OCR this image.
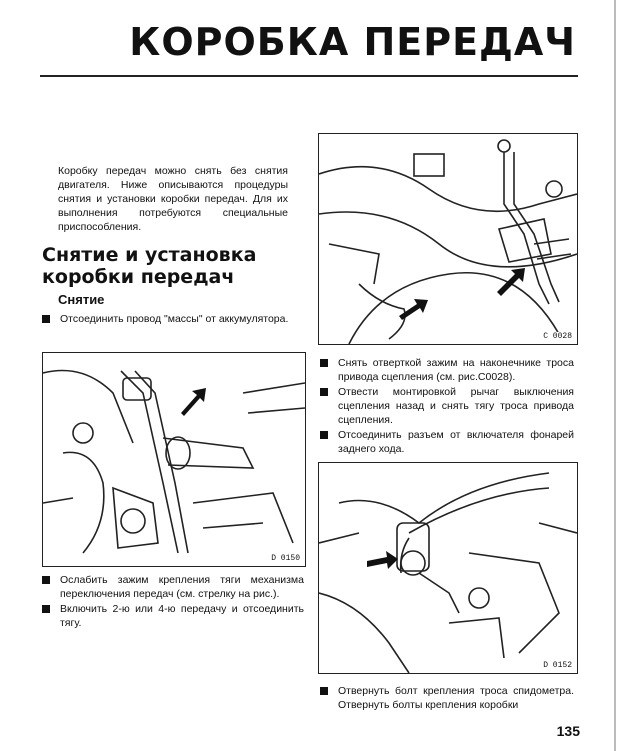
КОРОБКА ПЕРЕДАЧ
Коробку передач можно снять без снятия двигателя. Ниже описываются процедуры снятия и установки коробки передач. Для их выполнения потребуются специальные приспособления.
Снятие и установка коробки передач
Снятие
Отсоединить провод "массы" от аккумулятора.
C 0028
Снять отверткой зажим на наконечнике троса привода сцепления (см. рис.C0028).
Отвести монтировкой рычаг выключения сцепления назад и снять тягу троса привода сцепления.
Отсоединить разъем от включателя фонарей заднего хода.
D 0150
Ослабить зажим крепления тяги механизма переключения передач (см. стрелку на рис.).
Включить 2-ю или 4-ю передачу и отсоединить тягу.
D 0152
Отвернуть болт крепления троса спидометра. Отвернуть болты крепления коробки
135
